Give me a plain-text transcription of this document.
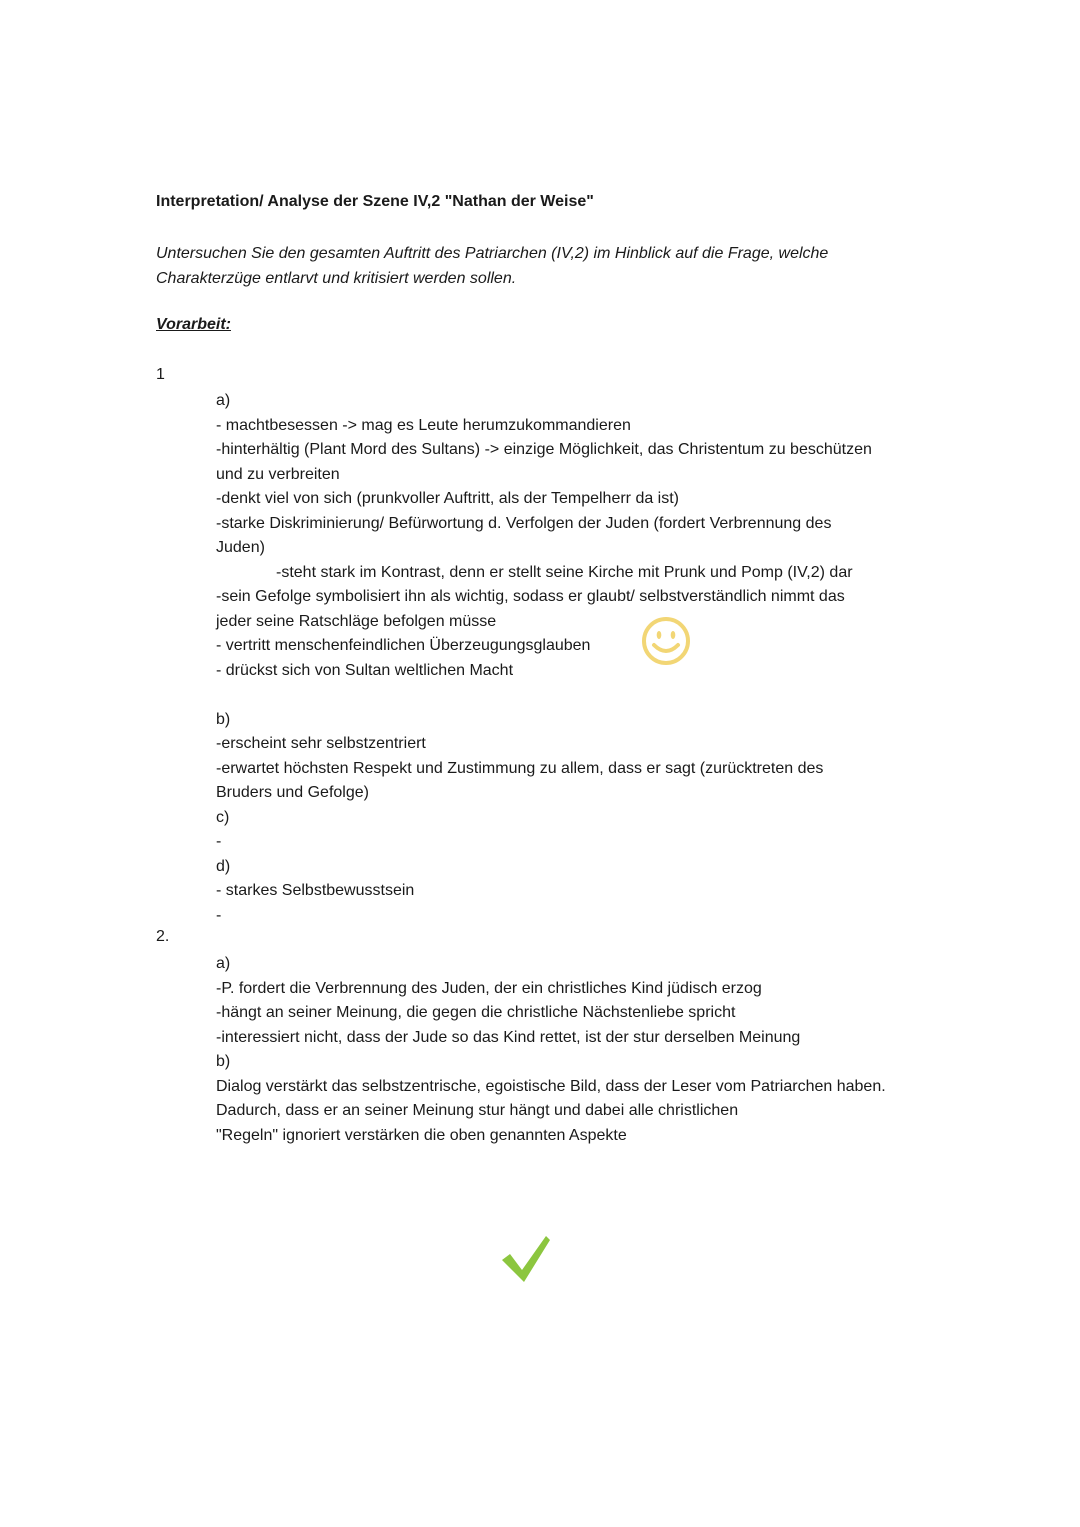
Interpretation/ Analyse der Szene IV,2 "Nathan der Weise"
Untersuchen Sie den gesamten Auftritt des Patriarchen (IV,2) im Hinblick auf die Frage, welche Charakterzüge entlarvt und kritisiert werden sollen.
Vorarbeit:
1
a)
- machtbesessen -> mag es Leute herumzukommandieren
-hinterhältig (Plant Mord des Sultans) -> einzige Möglichkeit, das Christentum zu beschützen
und zu verbreiten
-denkt viel von sich (prunkvoller Auftritt, als der Tempelherr da ist)
-starke Diskriminierung/ Befürwortung d. Verfolgen der Juden (fordert Verbrennung des
Juden)
-steht stark im Kontrast, denn er stellt seine Kirche mit Prunk und Pomp (IV,2) dar
-sein Gefolge symbolisiert ihn als wichtig, sodass er glaubt/ selbstverständlich nimmt das
jeder seine Ratschläge befolgen müsse
- vertritt menschenfeindlichen Überzeugungsglauben
- drückst sich von Sultan weltlichen Macht
b)
-erscheint sehr selbstzentriert
-erwartet höchsten Respekt und Zustimmung zu allem, dass er sagt (zurücktreten des
Bruders und Gefolge)
c)
-
d)
- starkes Selbstbewusstsein
-
2.
a)
-P. fordert die Verbrennung des Juden, der ein christliches Kind jüdisch erzog
-hängt an seiner Meinung, die gegen die christliche Nächstenliebe spricht
-interessiert nicht, dass der Jude so das Kind rettet, ist der stur derselben Meinung
b)
Dialog verstärkt das selbstzentrische, egoistische Bild, dass der Leser vom Patriarchen haben.
Dadurch, dass er an seiner Meinung stur hängt und dabei alle christlichen
"Regeln" ignoriert verstärken die oben genannten Aspekte
